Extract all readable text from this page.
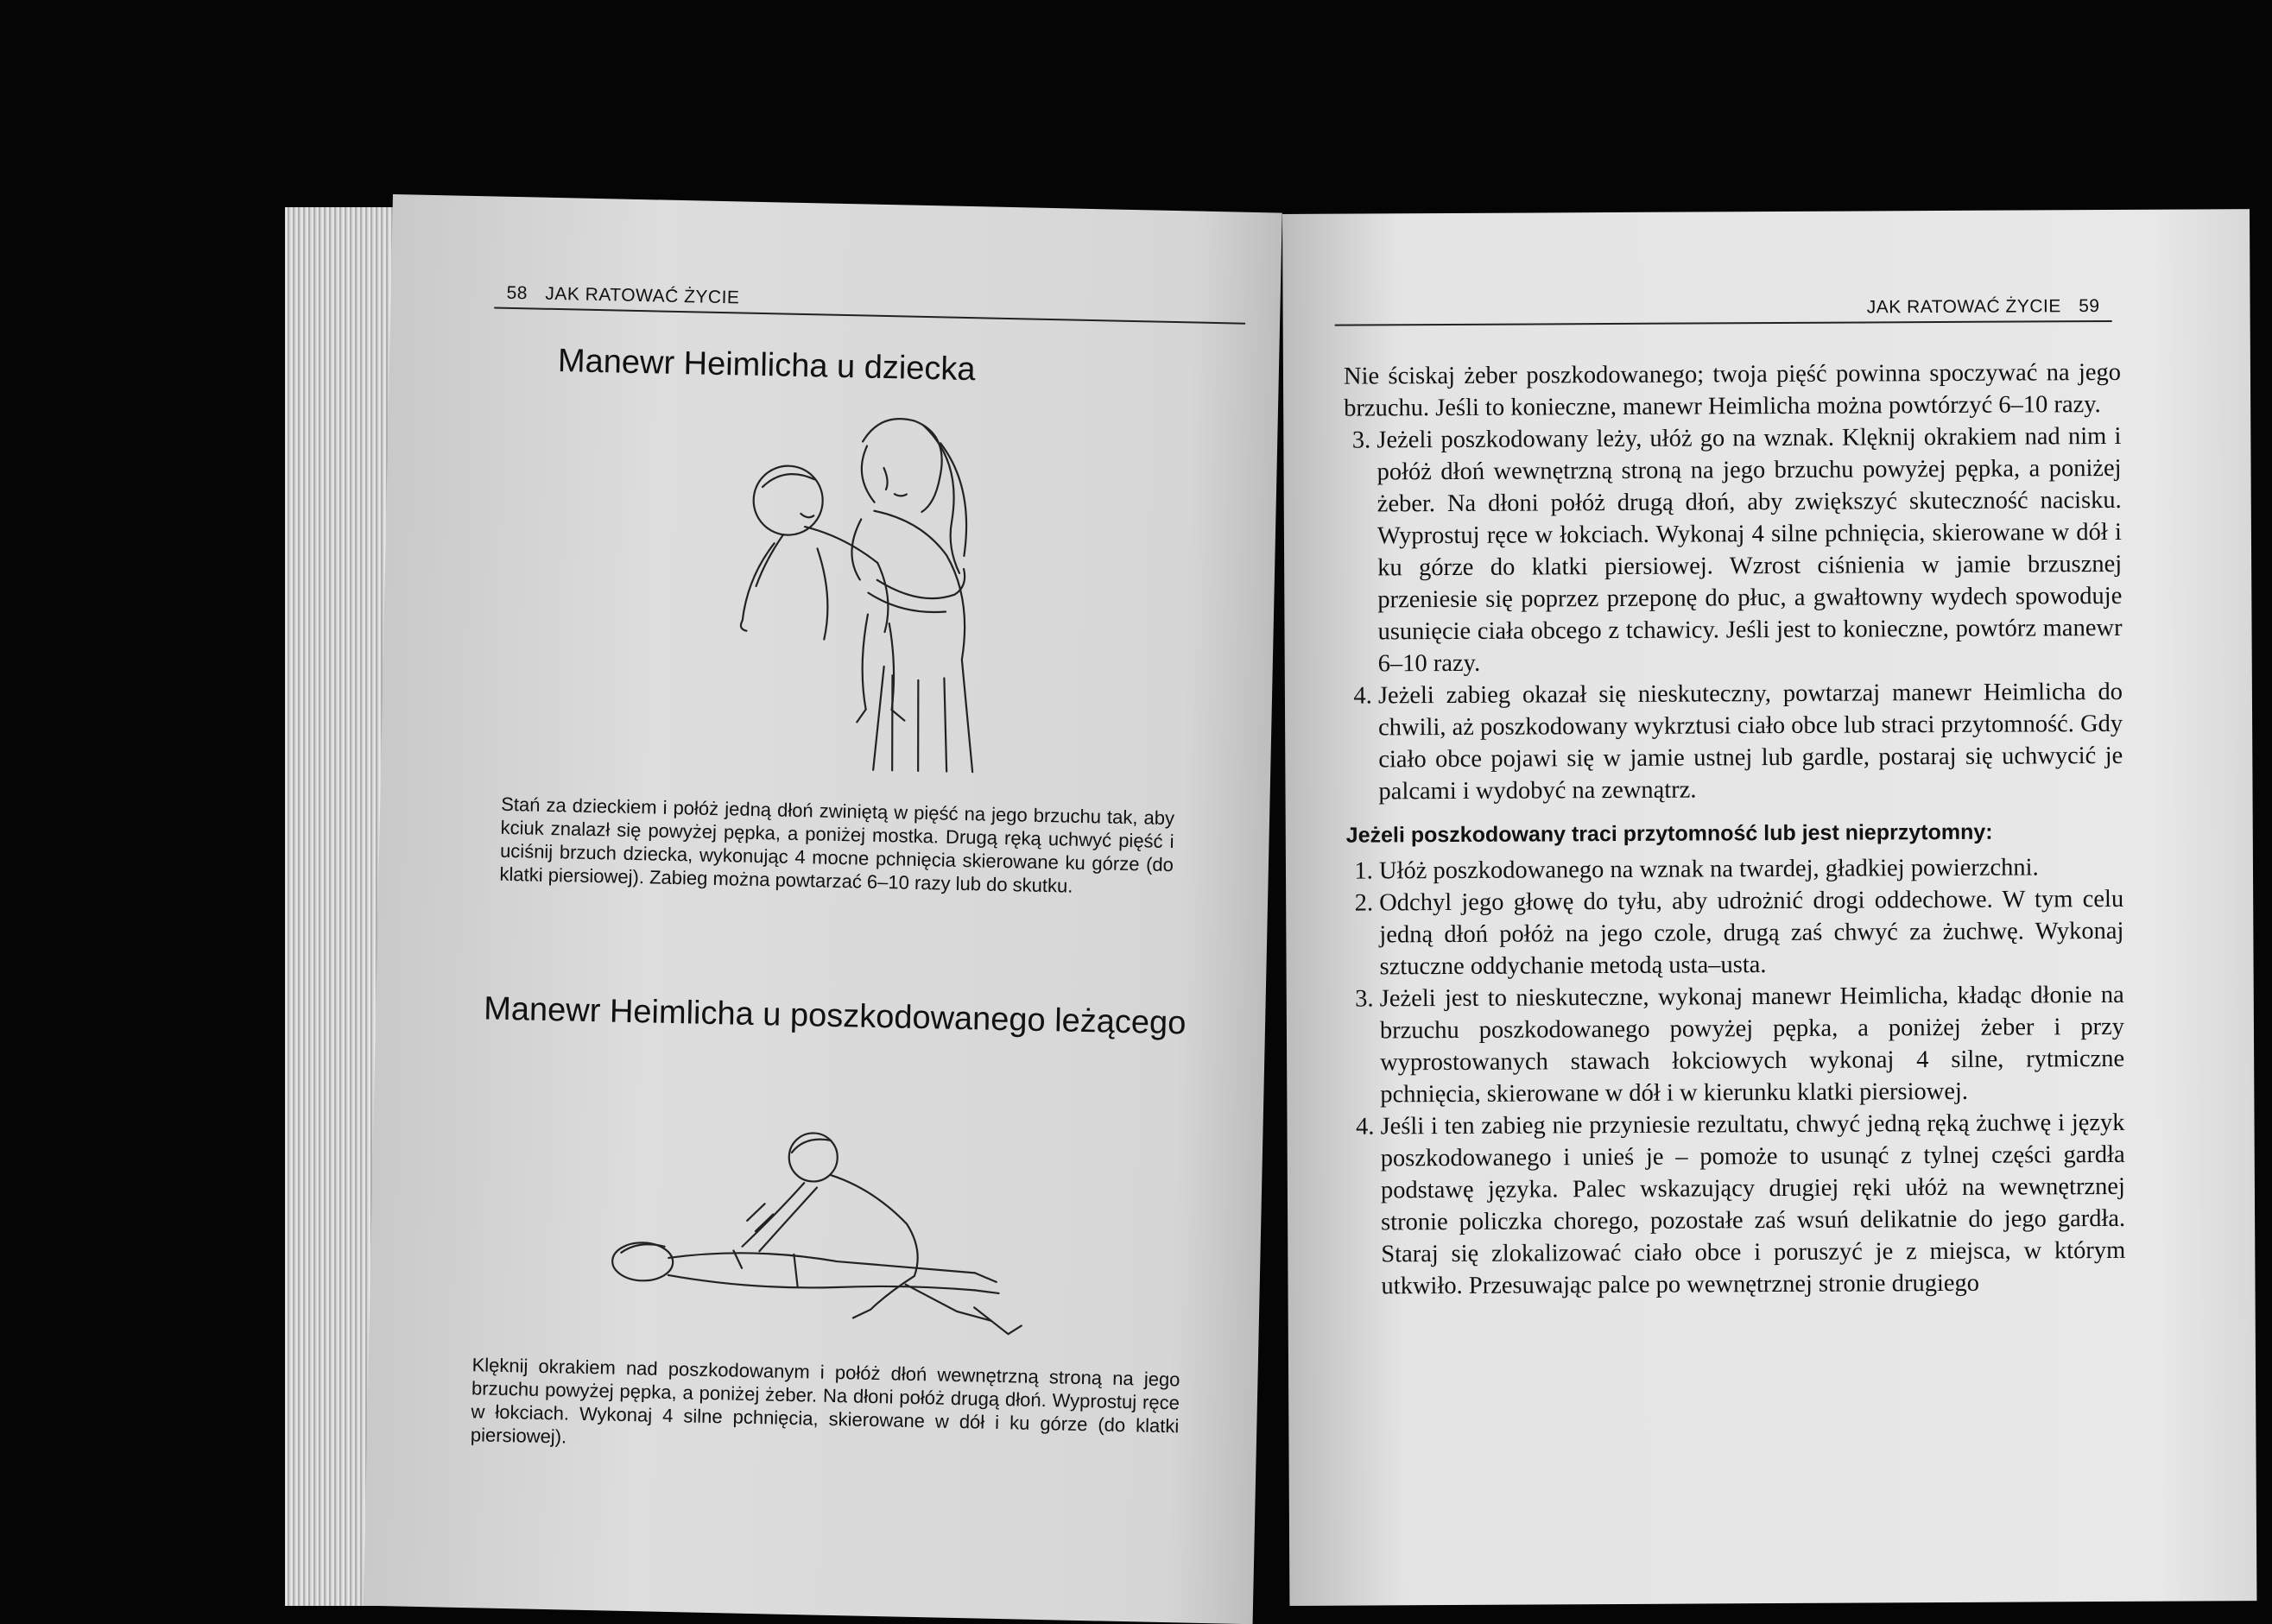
58 JAK RATOWAĆ ŻYCIE
Manewr Heimlicha u dziecka

Stań za dzieckiem i połóż jedną dłoń zwiniętą w pięść na jego brzuchu tak, aby kciuk znalazł się powyżej pępka, a poniżej mostka. Drugą ręką uchwyć pięść i uciśnij brzuch dziecka, wykonując 4 mocne pchnięcia skierowane ku górze (do klatki piersiowej). Zabieg można powtarzać 6–10 razy lub do skutku.

Manewr Heimlicha u poszkodowanego leżącego

Klęknij okrakiem nad poszkodowanym i połóż dłoń wewnętrzną stroną na jego brzuchu powyżej pępka, a poniżej żeber. Na dłoni połóż drugą dłoń. Wyprostuj ręce w łokciach. Wykonaj 4 silne pchnięcia, skierowane w dół i ku górze (do klatki piersiowej).

JAK RATOWAĆ ŻYCIE 59

Nie ściskaj żeber poszkodowanego; twoja pięść powinna spoczywać na jego brzuchu. Jeśli to konieczne, manewr Heimlicha można powtórzyć 6–10 razy.

3. Jeżeli poszkodowany leży, ułóż go na wznak. Klęknij okrakiem nad nim i połóż dłoń wewnętrzną stroną na jego brzuchu powyżej pępka, a poniżej żeber. Na dłoni połóż drugą dłoń, aby zwiększyć skuteczność nacisku. Wyprostuj ręce w łokciach. Wykonaj 4 silne pchnięcia, skierowane w dół i ku górze do klatki piersiowej. Wzrost ciśnienia w jamie brzusznej przeniesie się poprzez przeponę do płuc, a gwałtowny wydech spowoduje usunięcie ciała obcego z tchawicy. Jeśli jest to konieczne, powtórz manewr 6–10 razy.
4. Jeżeli zabieg okazał się nieskuteczny, powtarzaj manewr Heimlicha do chwili, aż poszkodowany wykrztusi ciało obce lub straci przytomność. Gdy ciało obce pojawi się w jamie ustnej lub gardle, postaraj się uchwycić je palcami i wydobyć na zewnątrz.
Jeżeli poszkodowany traci przytomność lub jest nieprzytomny:
1. Ułóż poszkodowanego na wznak na twardej, gładkiej powierzchni.
2. Odchyl jego głowę do tyłu, aby udrożnić drogi oddechowe. W tym celu jedną dłoń połóż na jego czole, drugą zaś chwyć za żuchwę. Wykonaj sztuczne oddychanie metodą usta–usta.
3. Jeżeli jest to nieskuteczne, wykonaj manewr Heimlicha, kładąc dłonie na brzuchu poszkodowanego powyżej pępka, a poniżej żeber i przy wyprostowanych stawach łokciowych wykonaj 4 silne, rytmiczne pchnięcia, skierowane w dół i w kierunku klatki piersiowej.
4. Jeśli i ten zabieg nie przyniesie rezultatu, chwyć jedną ręką żuchwę i język poszkodowanego i unieś je – pomoże to usunąć z tylnej części gardła podstawę języka. Palec wskazujący drugiej ręki ułóż na wewnętrznej stronie policzka chorego, pozostałe zaś wsuń delikatnie do jego gardła. Staraj się zlokalizować ciało obce i poruszyć je z miejsca, w którym utkwiło. Przesuwając palce po wewnętrznej stronie drugiego
